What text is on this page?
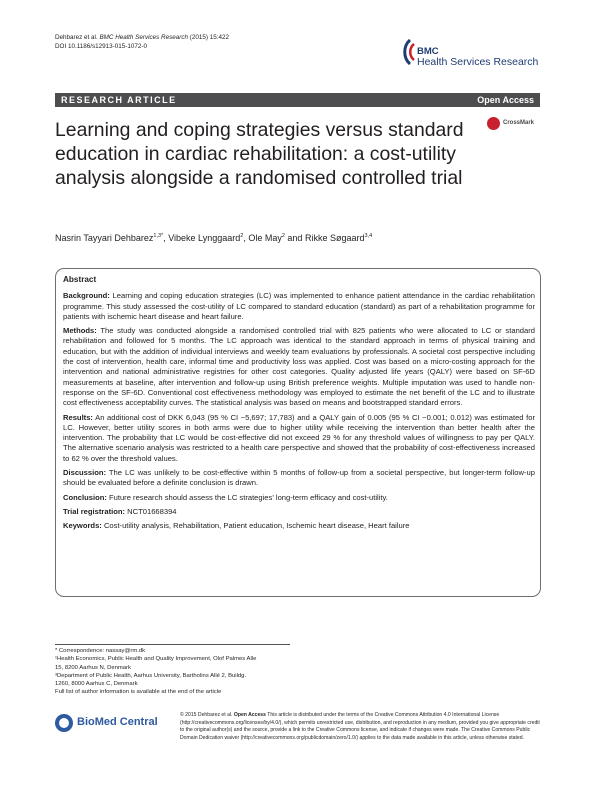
Dehbarez et al. BMC Health Services Research (2015) 15:422
DOI 10.1186/s12913-015-1072-0	BMC
Health Services Research
RESEARCH ARTICLE	Open Access
CrossMark
Learning and coping strategies versus standard education in cardiac rehabilitation: a cost-utility analysis alongside a randomised controlled trial
Nasrin Tayyari Dehbarez$^{1,3*}$, Vibeke Lynggaard$^2$, Ole May$^2$ and Rikke Søgaard$^{3,4}$
Abstract

Background: Learning and coping education strategies (LC) was implemented to enhance patient attendance in the cardiac rehabilitation programme. This study assessed the cost-utility of LC compared to standard education (standard) as part of a rehabilitation programme for patients with ischemic heart disease and heart failure.

Methods: The study was conducted alongside a randomised controlled trial with 825 patients who were allocated to LC or standard rehabilitation and followed for 5 months. The LC approach was identical to the standard approach in terms of physical training and education, but with the addition of individual interviews and weekly team evaluations by professionals. A societal cost perspective including the cost of intervention, health care, informal time and productivity loss was applied. Cost was based on a micro-costing approach for the intervention and national administrative registries for other cost categories. Quality adjusted life years (QALY) were based on SF-6D measurements at baseline, after intervention and follow-up using British preference weights. Multiple imputation was used to handle non-response on the SF-6D. Conventional cost effectiveness methodology was employed to estimate the net benefit of the LC and to illustrate cost effectiveness acceptability curves. The statistical analysis was based on means and bootstrapped standard errors.

Results: An additional cost of DKK 6,043 (95 % CI −5,697; 17,783) and a QALY gain of 0.005 (95 % CI −0.001; 0.012) was estimated for LC. However, better utility scores in both arms were due to higher utility while receiving the intervention than better health after the intervention. The probability that LC would be cost-effective did not exceed 29 % for any threshold values of willingness to pay per QALY. The alternative scenario analysis was restricted to a health care perspective and showed that the probability of cost-effectiveness increased to 62 % over the threshold values.

Discussion: The LC was unlikely to be cost-effective within 5 months of follow-up from a societal perspective, but longer-term follow-up should be evaluated before a definite conclusion is drawn.

Conclusion: Future research should assess the LC strategies' long-term efficacy and cost-utility.

Trial registration: NCT01668394

Keywords: Cost-utility analysis, Rehabilitation, Patient education, Ischemic heart disease, Heart failure

* Correspondence: nassay@rm.dk
¹Health Economics, Public Health and Quality Improvement, Olof Palmes Alle
15, 8200 Aarhus N, Denmark
³Department of Public Health, Aarhus University, Bartholins Allé 2, Buildg.
1260, 8000 Aarhus C, Denmark
Full list of author information is available at the end of the article
BioMed Central
© 2015 Dehbarez et al. Open Access This article is distributed under the terms of the Creative Commons Attribution 4.0 International License (http://creativecommons.org/licenses/by/4.0/), which permits unrestricted use, distribution, and reproduction in any medium, provided you give appropriate credit to the original author(s) and the source, provide a link to the Creative Commons license, and indicate if changes were made. The Creative Commons Public Domain Dedication waiver (http://creativecommons.org/publicdomain/zero/1.0/) applies to the data made available in this article, unless otherwise stated.
